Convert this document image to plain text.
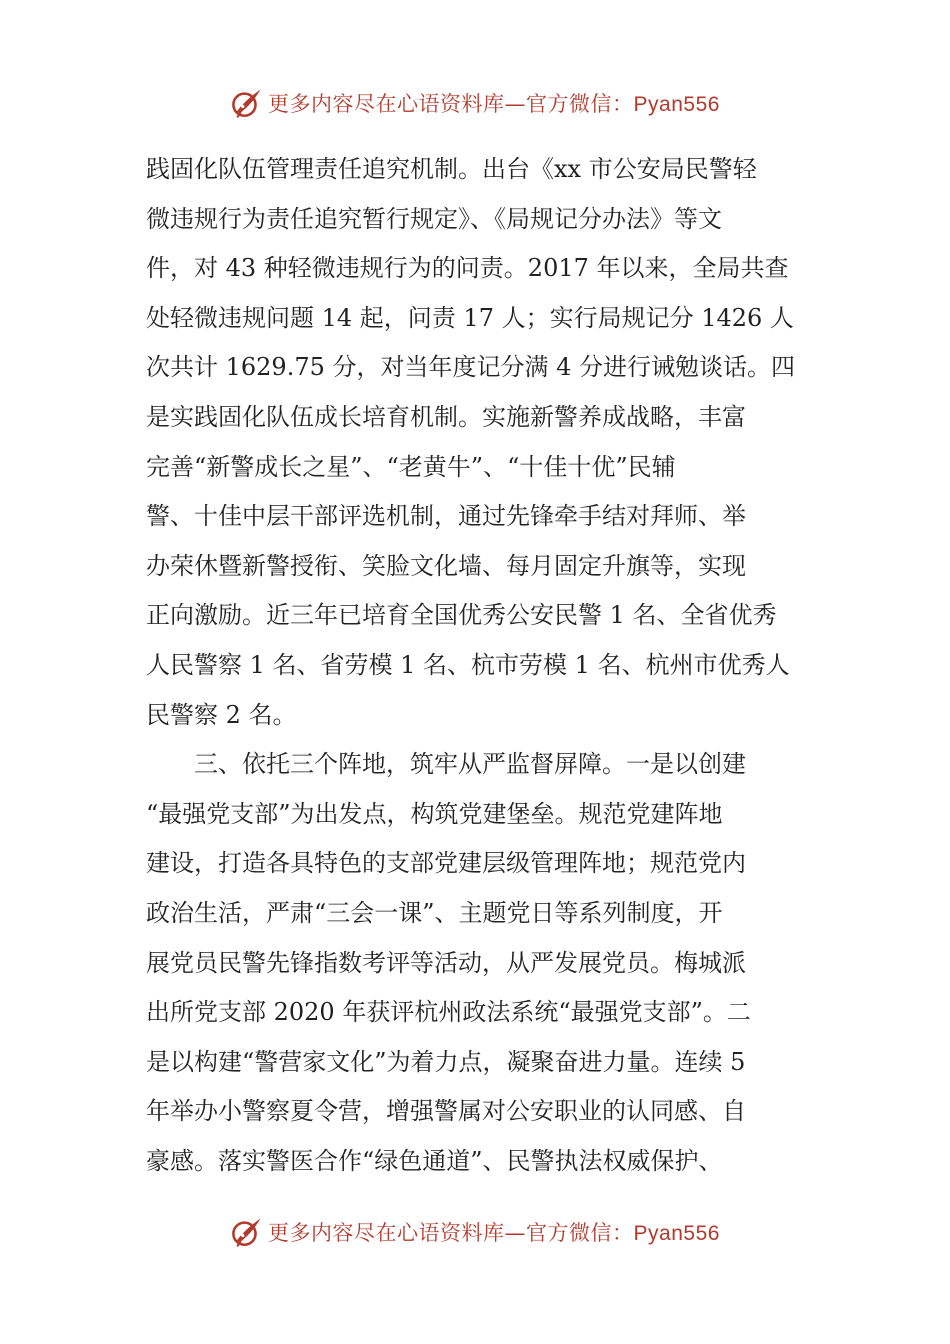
更多内容尽在心语资料库—官方微信：Pyan556
践固化队伍管理责任追究机制。出台《xx 市公安局民警轻
微违规行为责任追究暂行规定》、《局规记分办法》等文
件，对 43 种轻微违规行为的问责。2017 年以来，全局共查
处轻微违规问题 14 起，问责 17 人；实行局规记分 1426 人
次共计 1629.75 分，对当年度记分满 4 分进行诫勉谈话。四
是实践固化队伍成长培育机制。实施新警养成战略，丰富
完善“新警成长之星”、“老黄牛”、“十佳十优”民辅
警、十佳中层干部评选机制，通过先锋牵手结对拜师、举
办荣休暨新警授衔、笑脸文化墙、每月固定升旗等，实现
正向激励。近三年已培育全国优秀公安民警 1 名、全省优秀
人民警察 1 名、省劳模 1 名、杭市劳模 1 名、杭州市优秀人
民警察 2 名。
　　三、依托三个阵地，筑牢从严监督屏障。一是以创建
“最强党支部”为出发点，构筑党建堡垒。规范党建阵地
建设，打造各具特色的支部党建层级管理阵地；规范党内
政治生活，严肃“三会一课”、主题党日等系列制度，开
展党员民警先锋指数考评等活动，从严发展党员。梅城派
出所党支部 2020 年获评杭州政法系统“最强党支部”。二
是以构建“警营家文化”为着力点，凝聚奋进力量。连续 5
年举办小警察夏令营，增强警属对公安职业的认同感、自
豪感。落实警医合作“绿色通道”、民警执法权威保护、
更多内容尽在心语资料库—官方微信：Pyan556
